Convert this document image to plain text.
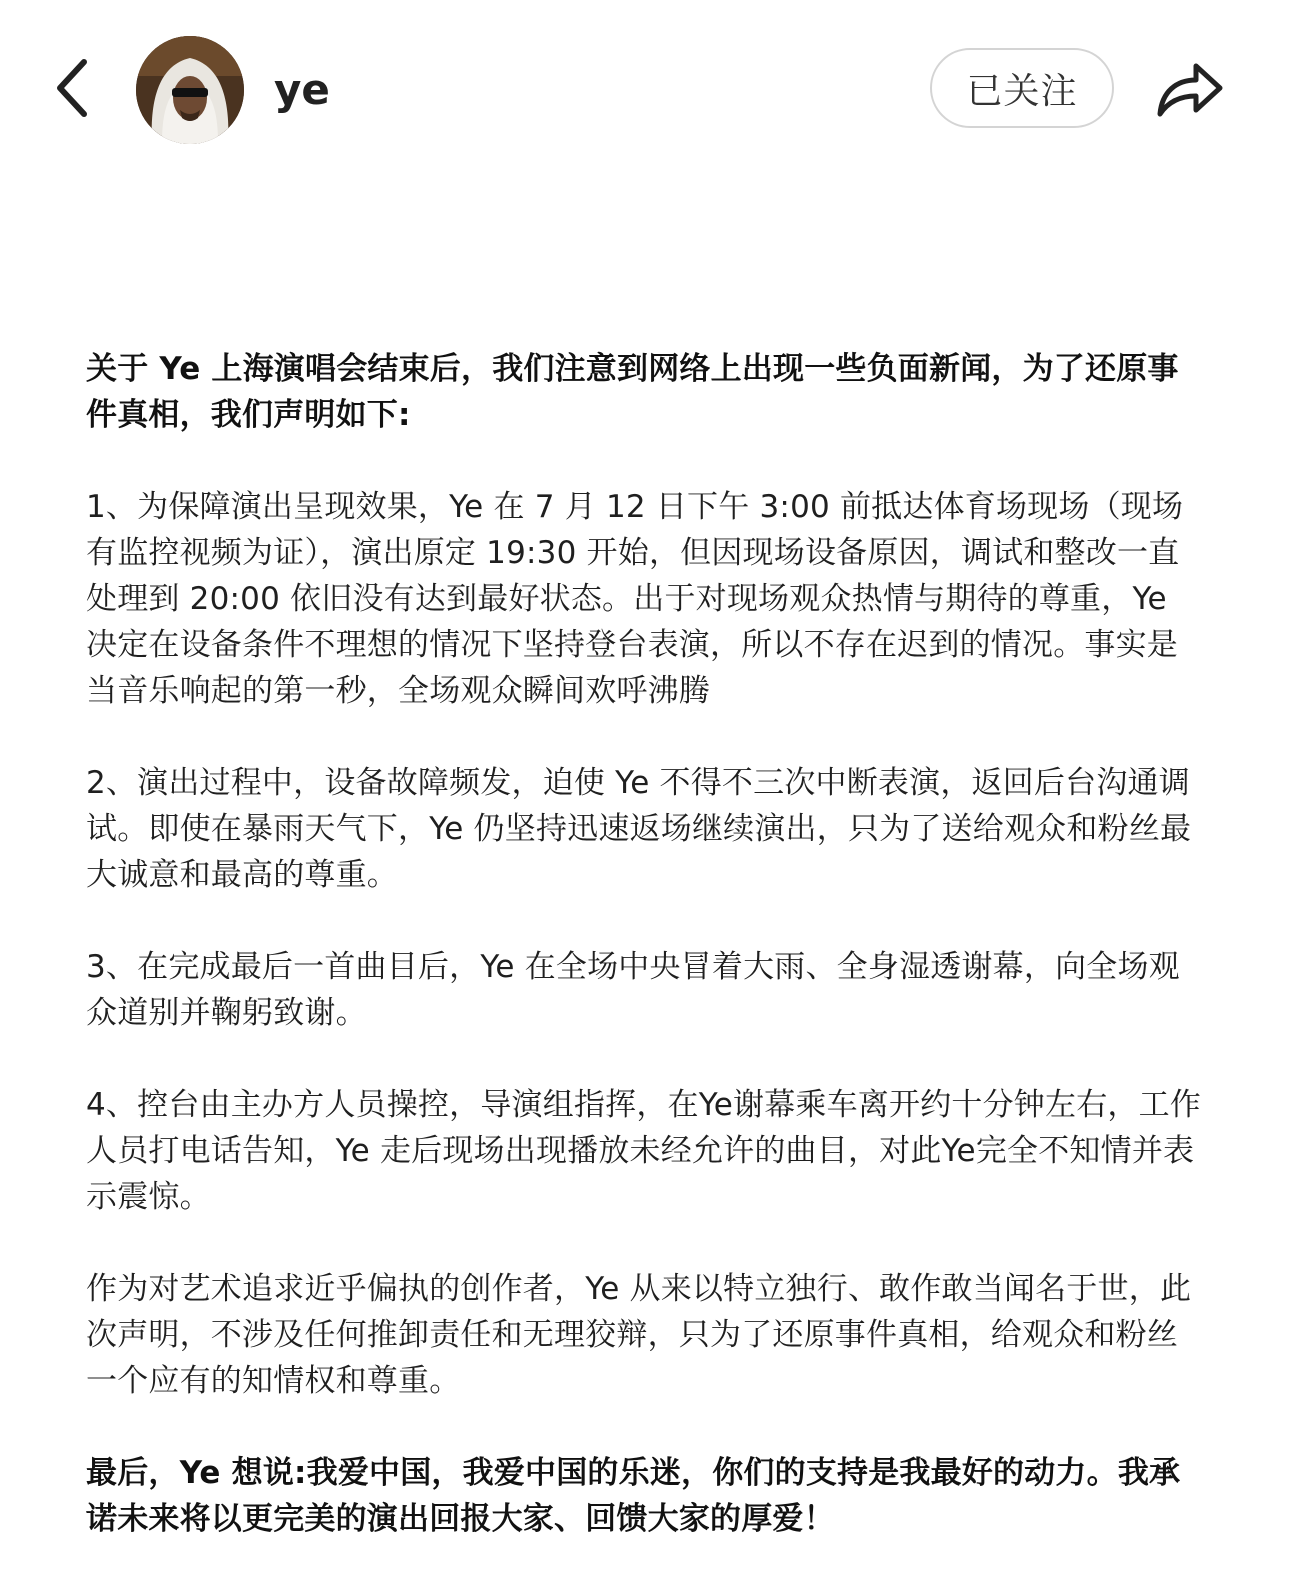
ye	已关注

关于 Ye 上海演唱会结束后，我们注意到网络上出现一些负面新闻，为了还原事件真相，我们声明如下:

1、为保障演出呈现效果，Ye 在 7 月 12 日下午 3:00 前抵达体育场现场（现场有监控视频为证），演出原定 19:30 开始，但因现场设备原因，调试和整改一直处理到 20:00 依旧没有达到最好状态。出于对现场观众热情与期待的尊重，Ye 决定在设备条件不理想的情况下坚持登台表演，所以不存在迟到的情况。事实是当音乐响起的第一秒，全场观众瞬间欢呼沸腾

2、演出过程中，设备故障频发，迫使 Ye 不得不三次中断表演，返回后台沟通调试。即使在暴雨天气下，Ye 仍坚持迅速返场继续演出，只为了送给观众和粉丝最大诚意和最高的尊重。

3、在完成最后一首曲目后，Ye 在全场中央冒着大雨、全身湿透谢幕，向全场观众道别并鞠躬致谢。

4、控台由主办方人员操控，导演组指挥，在Ye谢幕乘车离开约十分钟左右，工作人员打电话告知，Ye 走后现场出现播放未经允许的曲目，对此Ye完全不知情并表示震惊。

作为对艺术追求近乎偏执的创作者，Ye 从来以特立独行、敢作敢当闻名于世，此次声明，不涉及任何推卸责任和无理狡辩，只为了还原事件真相，给观众和粉丝一个应有的知情权和尊重。

最后，Ye 想说:我爱中国，我爱中国的乐迷，你们的支持是我最好的动力。我承诺未来将以更完美的演出回报大家、回馈大家的厚爱！
